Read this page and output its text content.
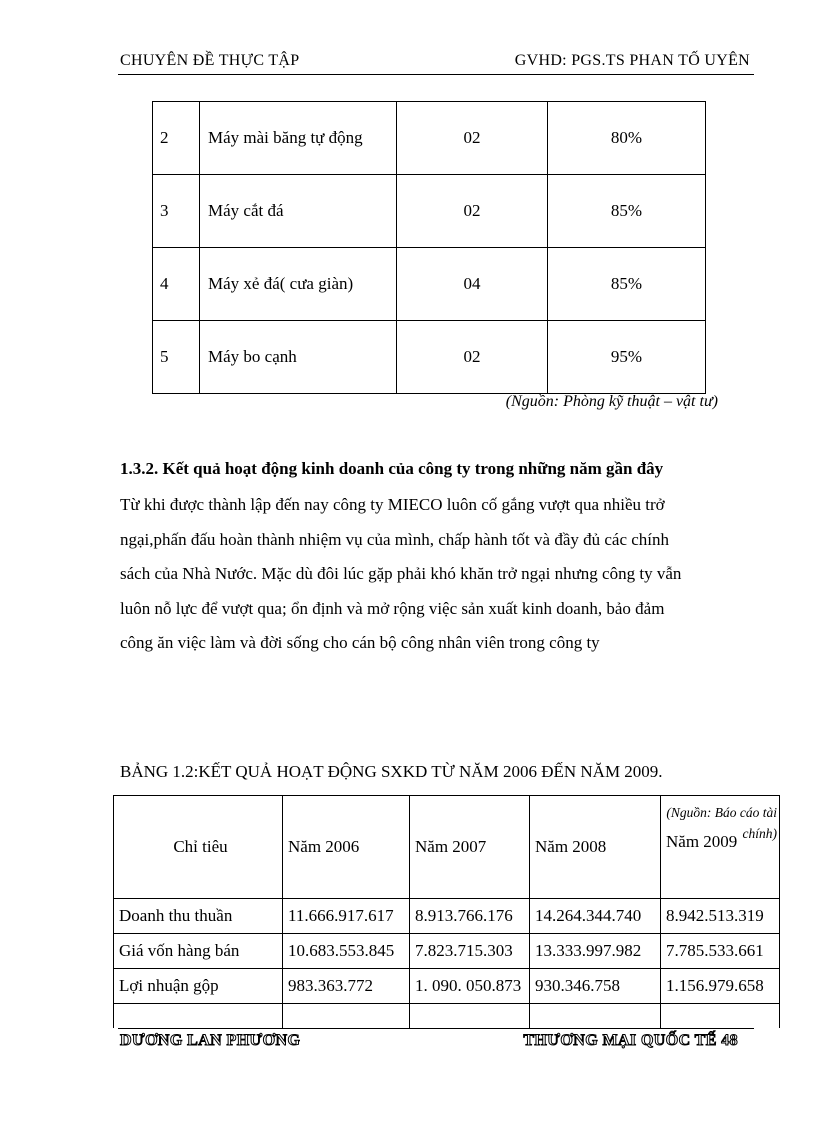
CHUYÊN ĐỀ THỰC TẬP	GVHD: PGS.TS PHAN TỐ UYÊN
2	Máy mài băng tự động	02	80%
3	Máy cắt đá	02	85%
4	Máy xẻ đá( cưa giàn)	04	85%
5	Máy bo cạnh	02	95%
(Nguồn: Phòng kỹ thuật – vật tư)
1.3.2. Kết quả hoạt động kinh doanh của công ty trong những năm gần đây
Từ khi được thành lập đến nay công ty MIECO luôn cố gắng vượt qua nhiều trở
ngại,phấn đấu hoàn thành nhiệm vụ của mình, chấp hành tốt và đầy đủ các chính
sách của Nhà Nước. Mặc dù đôi lúc gặp phải khó khăn trở ngại nhưng công ty vẫn
luôn nỗ lực để vượt qua; ổn định và mở rộng việc sản xuất kinh doanh, bảo đảm
công ăn việc làm và đời sống cho cán bộ công nhân viên trong công ty
BẢNG 1.2:KẾT QUẢ HOẠT ĐỘNG SXKD TỪ NĂM 2006 ĐẾN NĂM 2009.
Chỉ tiêu	Năm 2006	Năm 2007	Năm 2008	Năm 2009
(Nguồn: Báo cáo tài chính)

Doanh thu thuần	11.666.917.617	8.913.766.176	14.264.344.740	8.942.513.319
Giá vốn hàng bán	10.683.553.845	7.823.715.303	13.333.997.982	7.785.533.661
Lợi nhuận gộp	983.363.772	1. 090. 050.873	930.346.758	1.156.979.658

DƯƠNG LAN PHƯƠNG	THƯƠNG MẠI QUỐC TẾ 48
